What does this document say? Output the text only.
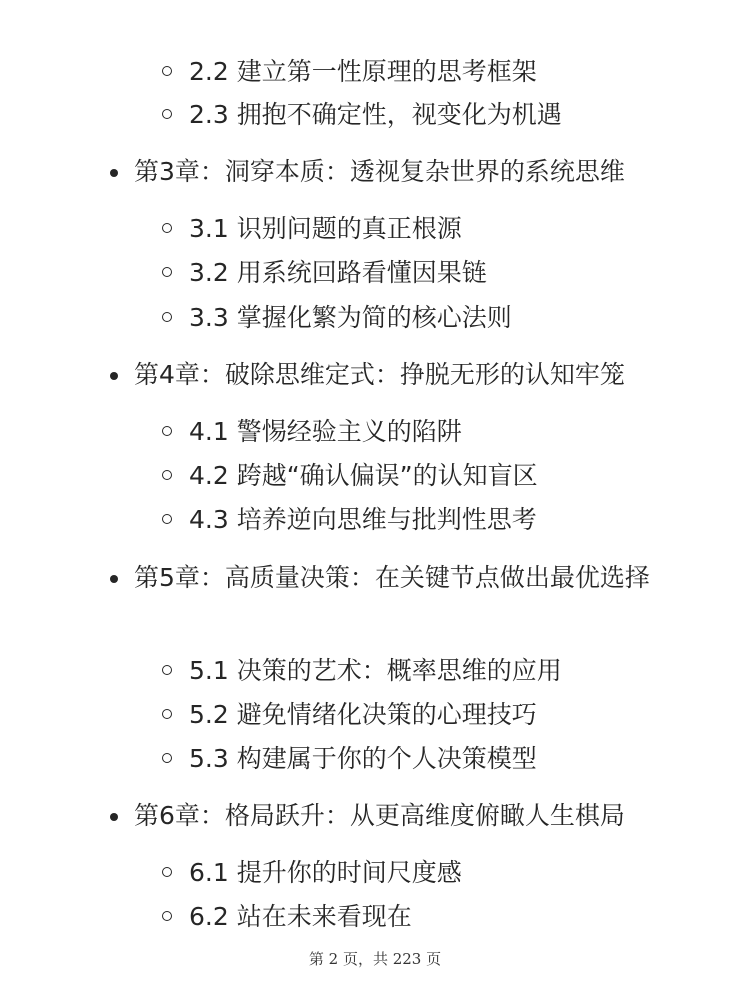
2.2 建立第一性原理的思考框架
2.3 拥抱不确定性，视变化为机遇
第3章：洞穿本质：透视复杂世界的系统思维
3.1 识别问题的真正根源
3.2 用系统回路看懂因果链
3.3 掌握化繁为简的核心法则
第4章：破除思维定式：挣脱无形的认知牢笼
4.1 警惕经验主义的陷阱
4.2 跨越“确认偏误”的认知盲区
4.3 培养逆向思维与批判性思考
第5章：高质量决策：在关键节点做出最优选择
5.1 决策的艺术：概率思维的应用
5.2 避免情绪化决策的心理技巧
5.3 构建属于你的个人决策模型
第6章：格局跃升：从更高维度俯瞰人生棋局
6.1 提升你的时间尺度感
6.2 站在未来看现在
第 2 页，共 223 页
